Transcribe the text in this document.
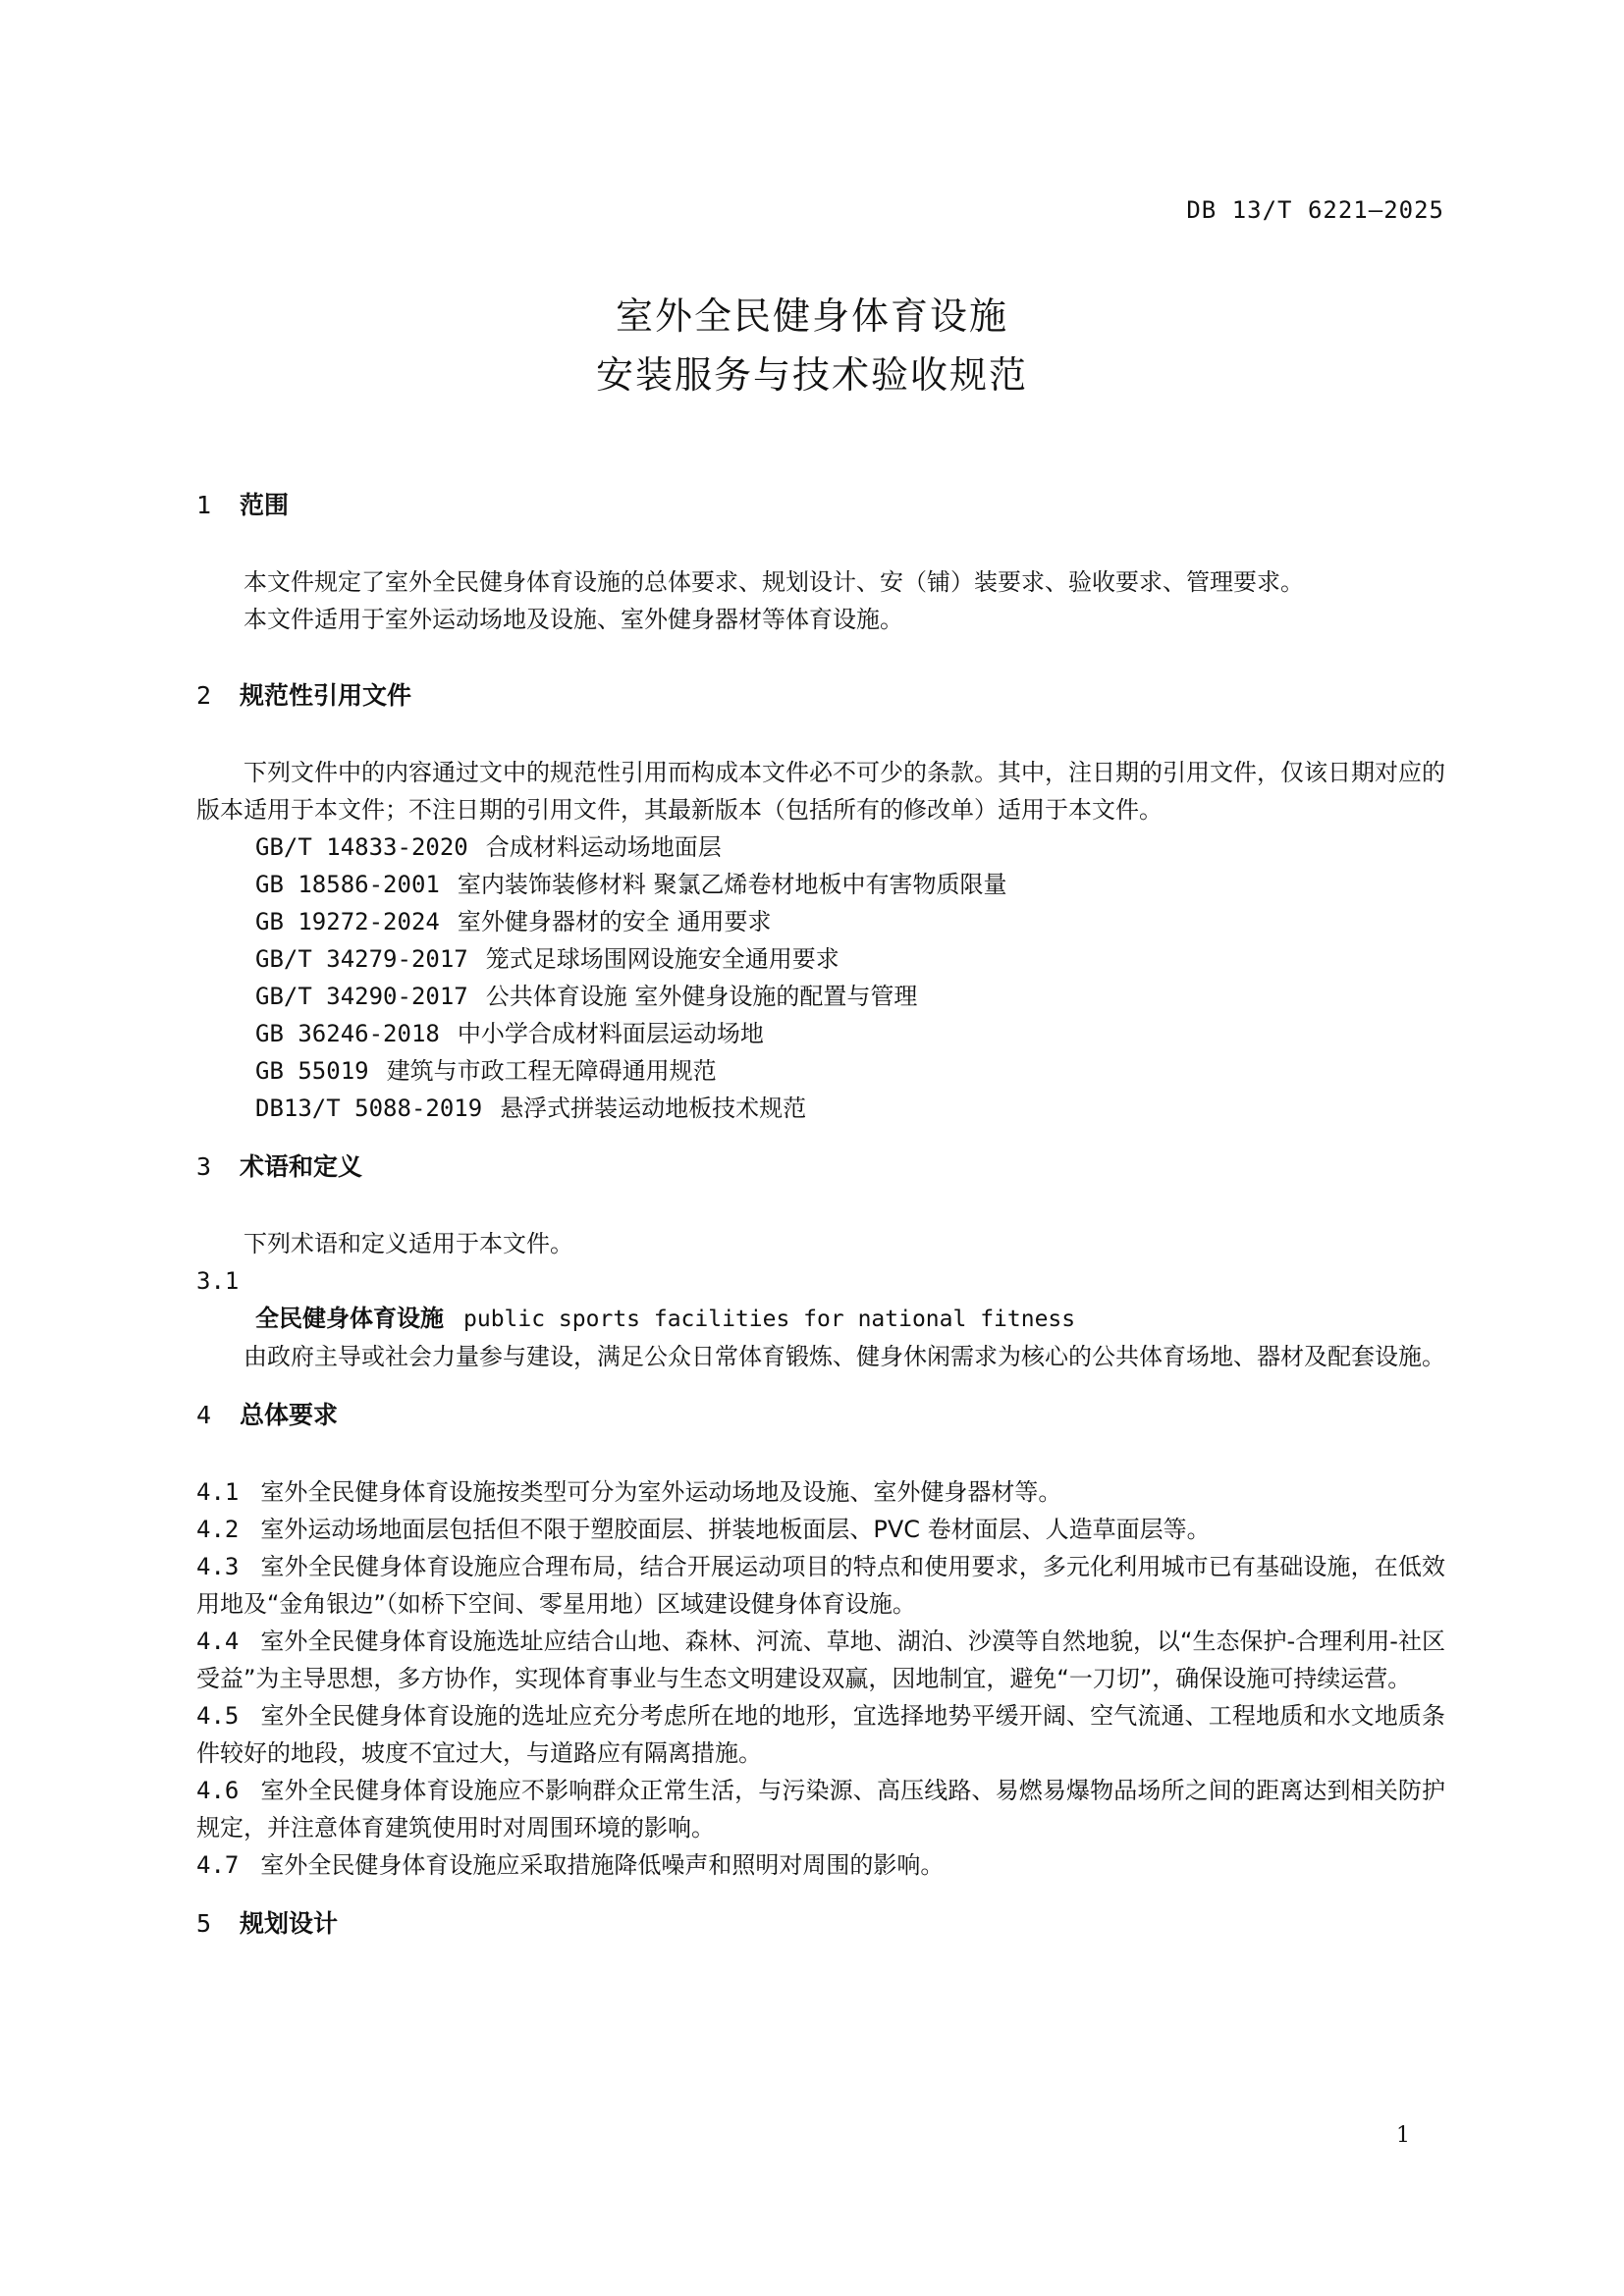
DB 13/T 6221—2025
室外全民健身体育设施
安装服务与技术验收规范

1 范围

本文件规定了室外全民健身体育设施的总体要求、规划设计、安（铺）装要求、验收要求、管理要求。

本文件适用于室外运动场地及设施、室外健身器材等体育设施。

2 规范性引用文件

下列文件中的内容通过文中的规范性引用而构成本文件必不可少的条款。其中，注日期的引用文件，仅该日期对应的版本适用于本文件；不注日期的引用文件，其最新版本（包括所有的修改单）适用于本文件。

GB/T 14833-2020 合成材料运动场地面层

GB 18586-2001 室内装饰装修材料 聚氯乙烯卷材地板中有害物质限量

GB 19272-2024 室外健身器材的安全 通用要求

GB/T 34279-2017 笼式足球场围网设施安全通用要求

GB/T 34290-2017 公共体育设施 室外健身设施的配置与管理

GB 36246-2018 中小学合成材料面层运动场地

GB 55019 建筑与市政工程无障碍通用规范

DB13/T 5088-2019 悬浮式拼装运动地板技术规范

3 术语和定义

下列术语和定义适用于本文件。

3.1

全民健身体育设施 public sports facilities for national fitness

由政府主导或社会力量参与建设，满足公众日常体育锻炼、健身休闲需求为核心的公共体育场地、器材及配套设施。

4 总体要求

4.1 室外全民健身体育设施按类型可分为室外运动场地及设施、室外健身器材等。

4.2 室外运动场地面层包括但不限于塑胶面层、拼装地板面层、PVC 卷材面层、人造草面层等。

4.3 室外全民健身体育设施应合理布局，结合开展运动项目的特点和使用要求，多元化利用城市已有基础设施，在低效用地及“金角银边”（如桥下空间、零星用地）区域建设健身体育设施。

4.4 室外全民健身体育设施选址应结合山地、森林、河流、草地、湖泊、沙漠等自然地貌，以“生态保护-合理利用-社区受益”为主导思想，多方协作，实现体育事业与生态文明建设双赢，因地制宜，避免“一刀切”，确保设施可持续运营。

4.5 室外全民健身体育设施的选址应充分考虑所在地的地形，宜选择地势平缓开阔、空气流通、工程地质和水文地质条件较好的地段，坡度不宜过大，与道路应有隔离措施。

4.6 室外全民健身体育设施应不影响群众正常生活，与污染源、高压线路、易燃易爆物品场所之间的距离达到相关防护规定，并注意体育建筑使用时对周围环境的影响。

4.7 室外全民健身体育设施应采取措施降低噪声和照明对周围的影响。

5 规划设计

1
